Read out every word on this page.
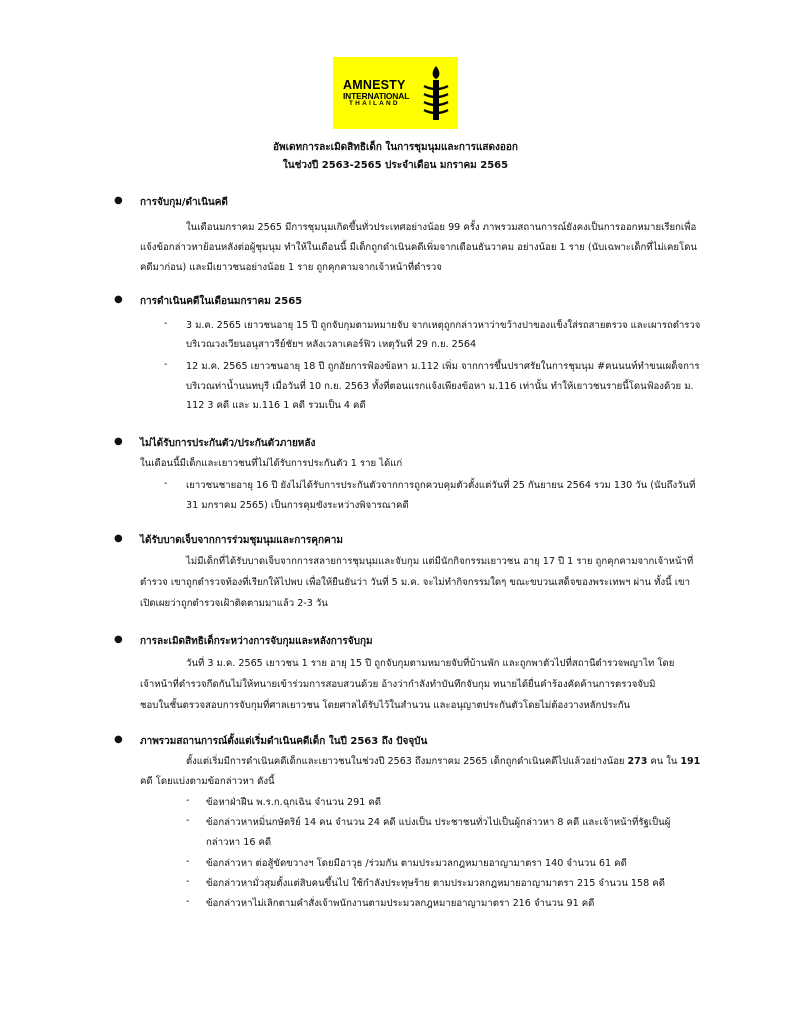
AMNESTY
INTERNATIONAL
THAILAND
อัพเดทการละเมิดสิทธิเด็ก ในการชุมนุมและการแสดงออก
ในช่วงปี 2563-2565 ประจำเดือน มกราคม 2565
● การจับกุม/ดำเนินคดี
ในเดือนมกราคม 2565 มีการชุมนุมเกิดขึ้นทั่วประเทศอย่างน้อย 99 ครั้ง ภาพรวมสถานการณ์ยังคงเป็นการออกหมายเรียกเพื่อ
แจ้งข้อกล่าวหาย้อนหลังต่อผู้ชุมนุม ทำให้ในเดือนนี้ มีเด็กถูกดำเนินคดีเพิ่มจากเดือนธันวาคม อย่างน้อย 1 ราย (นับเฉพาะเด็กที่ไม่เคยโดน
คดีมาก่อน) และมีเยาวชนอย่างน้อย 1 ราย ถูกคุกคามจากเจ้าหน้าที่ตำรวจ
● การดำเนินคดีในเดือนมกราคม 2565
- 3 ม.ค. 2565 เยาวชนอายุ 15 ปี ถูกจับกุมตามหมายจับ จากเหตุถูกกล่าวหาว่าขว้างปาของแข็งใส่รถสายตรวจ และเผารถตำรวจ
บริเวณวงเวียนอนุสาวรีย์ชัยฯ หลังเวลาเคอร์ฟิว เหตุวันที่ 29 ก.ย. 2564
- 12 ม.ค. 2565 เยาวชนอายุ 18 ปี ถูกอัยการฟ้องข้อหา ม.112 เพิ่ม จากการขึ้นปราศรัยในการชุมนุม #คนนนท์ทำขนเผด็จการ
บริเวณท่าน้ำนนทบุรี เมื่อวันที่ 10 ก.ย. 2563 ทั้งที่ตอนแรกแจ้งเพียงข้อหา ม.116 เท่านั้น ทำให้เยาวชนรายนี้โดนฟ้องด้วย ม.
112 3 คดี และ ม.116 1 คดี รวมเป็น 4 คดี
● ไม่ได้รับการประกันตัว/ประกันตัวภายหลัง
ในเดือนนี้มีเด็กและเยาวชนที่ไม่ได้รับการประกันตัว 1 ราย ได้แก่
- เยาวชนชายอายุ 16 ปี ยังไม่ได้รับการประกันตัวจากการถูกควบคุมตัวตั้งแต่วันที่ 25 กันยายน 2564 รวม 130 วัน (นับถึงวันที่
31 มกราคม 2565) เป็นการคุมขังระหว่างพิจารณาคดี
● ได้รับบาดเจ็บจากการร่วมชุมนุมและการคุกคาม
ไม่มีเด็กที่ได้รับบาดเจ็บจากการสลายการชุมนุมและจับกุม แต่มีนักกิจกรรมเยาวชน อายุ 17 ปี 1 ราย ถูกคุกคามจากเจ้าหน้าที่
ตำรวจ เขาถูกตำรวจท้องที่เรียกให้ไปพบ เพื่อให้ยืนยันว่า วันที่ 5 ม.ค. จะไม่ทำกิจกรรมใดๆ ขณะขบวนเสด็จของพระเทพฯ ผ่าน ทั้งนี้ เขา
เปิดเผยว่าถูกตำรวจเฝ้าติดตามมาแล้ว 2-3 วัน
● การละเมิดสิทธิเด็กระหว่างการจับกุมและหลังการจับกุม
วันที่ 3 ม.ค. 2565 เยาวชน 1 ราย อายุ 15 ปี ถูกจับกุมตามหมายจับที่บ้านพัก และถูกพาตัวไปที่สถานีตำรวจพญาไท โดย
เจ้าหน้าที่ตำรวจกีดกันไม่ให้ทนายเข้าร่วมการสอบสวนด้วย อ้างว่ากำลังทำบันทึกจับกุม ทนายได้ยื่นคำร้องคัดค้านการตรวจจับมิ
ชอบในชั้นตรวจสอบการจับกุมที่ศาลเยาวชน โดยศาลได้รับไว้ในสำนวน และอนุญาตประกันตัวโดยไม่ต้องวางหลักประกัน
● ภาพรวมสถานการณ์ตั้งแต่เริ่มดำเนินคดีเด็ก ในปี 2563 ถึง ปัจจุบัน
ตั้งแต่เริ่มมีการดำเนินคดีเด็กและเยาวชนในช่วงปี 2563 ถึงมกราคม 2565 เด็กถูกดำเนินคดีไปแล้วอย่างน้อย 273 คน ใน 191
คดี โดยแบ่งตามข้อกล่าวหา ดังนี้
- ข้อหาฝ่าฝืน พ.ร.ก.ฉุกเฉิน จำนวน 291 คดี
- ข้อกล่าวหาหมิ่นกษัตริย์ 14 คน จำนวน 24 คดี แบ่งเป็น ประชาชนทั่วไปเป็นผู้กล่าวหา 8 คดี และเจ้าหน้าที่รัฐเป็นผู้
กล่าวหา 16 คดี
- ข้อกล่าวหา ต่อสู้ขัดขวางฯ โดยมีอาวุธ /ร่วมกัน ตามประมวลกฎหมายอาญามาตรา 140 จำนวน 61 คดี
- ข้อกล่าวหามั่วสุมตั้งแต่สิบคนขึ้นไป ใช้กำลังประทุษร้าย ตามประมวลกฎหมายอาญามาตรา 215 จำนวน 158 คดี
- ข้อกล่าวหาไม่เลิกตามคำสั่งเจ้าพนักงานตามประมวลกฎหมายอาญามาตรา 216 จำนวน 91 คดี
